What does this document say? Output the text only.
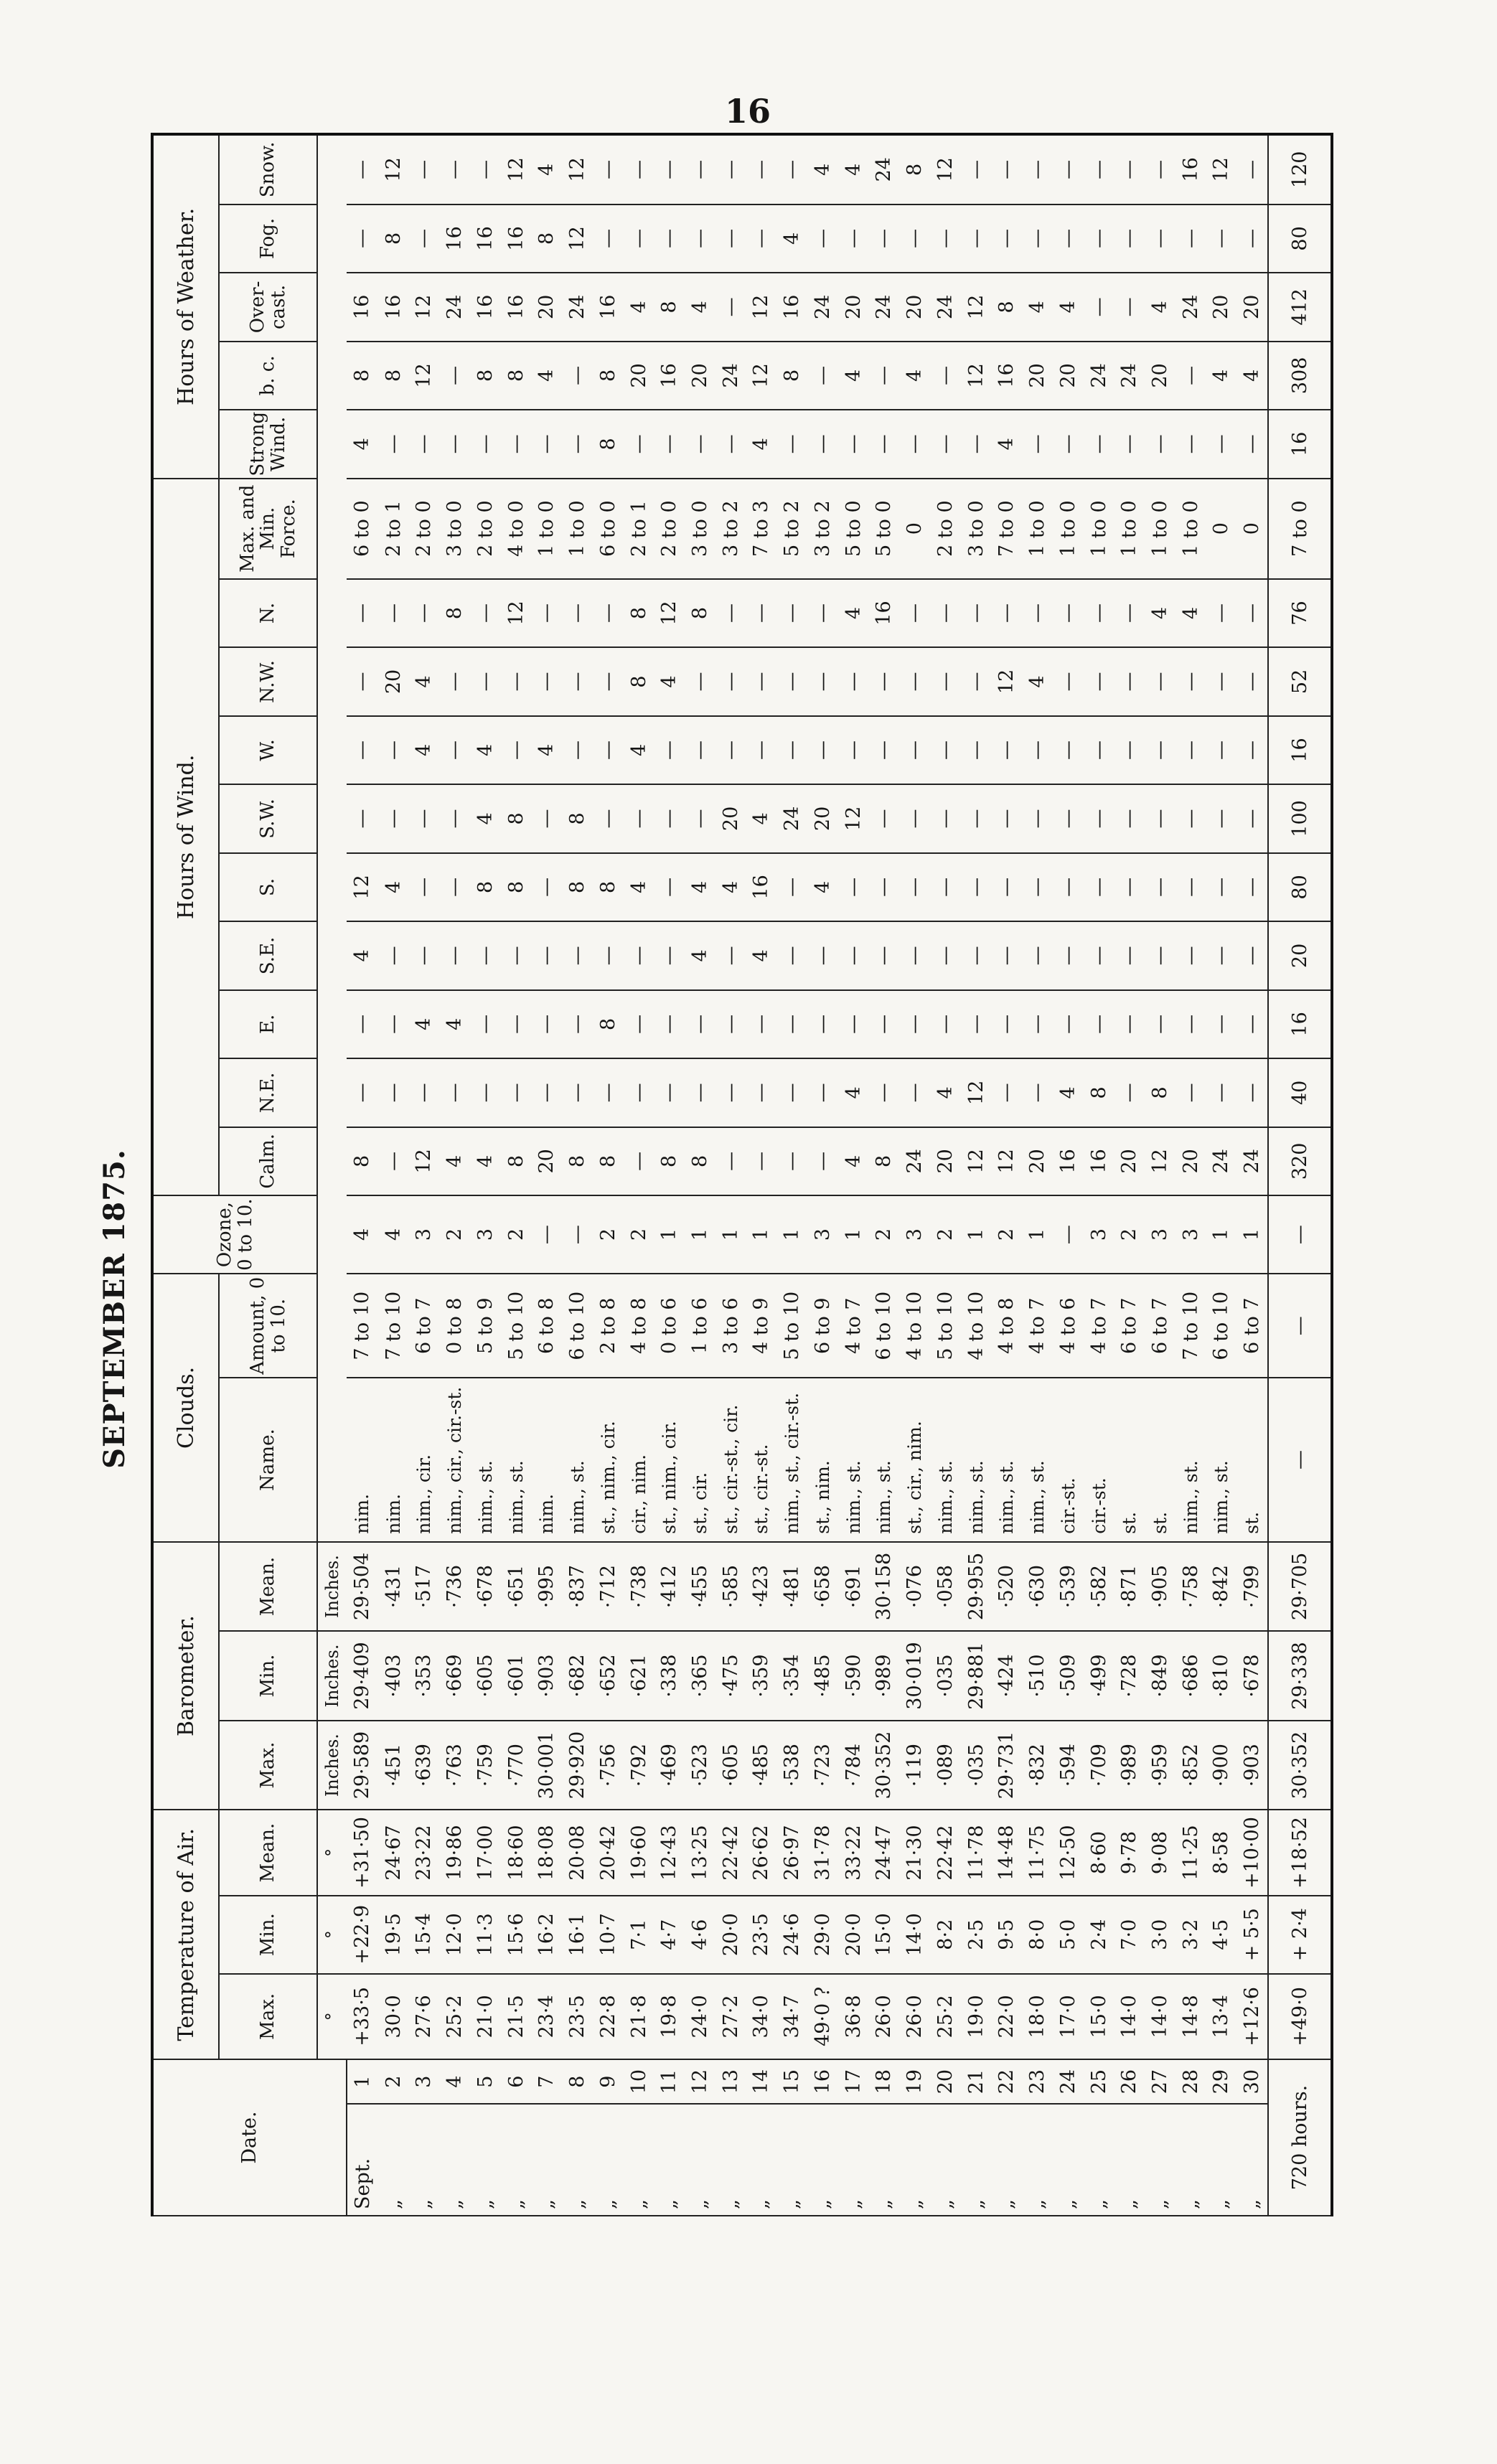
16
SEPTEMBER 1875.
Date.		Temperature of Air.			Barometer.			Clouds.		Ozone, 0 to 10.	Hours of Wind.										Hours of Weather.				
		Max.	Min.	Mean.	Max.	Min.	Mean.	Name.	Amount, 0 to 10.		Calm.	N.E.	E.	S.E.	S.	S.W.	W.	N.W.	N.	Max. and Min. Force.	Strong Wind.	b. c.	Over-cast.	Fog.	Snow.
		°	°	°	Inches.	Inches.	Inches.																		
Sept.	1	+33·5	+22·9	+31·50	29·589	29·409	29·504	nim.	7 to 10	4	8	—	—	4	12	—	—	—	—	6 to 0	4	8	16	—	—
„	2	30·0	19·5	24·67	·451	·403	·431	nim.	7 to 10	4	—	—	—	—	4	—	—	20	—	2 to 1	—	8	16	8	12
„	3	27·6	15·4	23·22	·639	·353	·517	nim., cir.	6 to 7	3	12	—	4	—	—	—	4	4	—	2 to 0	—	12	12	—	—
„	4	25·2	12·0	19·86	·763	·669	·736	nim., cir., cir.-st.	0 to 8	2	4	—	4	—	—	—	—	—	8	3 to 0	—	—	24	16	—
„	5	21·0	11·3	17·00	·759	·605	·678	nim., st.	5 to 9	3	4	—	—	—	8	4	4	—	—	2 to 0	—	8	16	16	—
„	6	21·5	15·6	18·60	·770	·601	·651	nim., st.	5 to 10	2	8	—	—	—	8	8	—	—	12	4 to 0	—	8	16	16	12
„	7	23·4	16·2	18·08	30·001	·903	·995	nim.	6 to 8	—	20	—	—	—	—	—	4	—	—	1 to 0	—	4	20	8	4
„	8	23·5	16·1	20·08	29·920	·682	·837	nim., st.	6 to 10	—	8	—	—	—	8	8	—	—	—	1 to 0	—	—	24	12	12
„	9	22·8	10·7	20·42	·756	·652	·712	st., nim., cir.	2 to 8	2	8	—	8	—	8	—	—	—	—	6 to 0	8	8	16	—	—
„	10	21·8	7·1	19·60	·792	·621	·738	cir., nim.	4 to 8	2	—	—	—	—	4	—	4	8	8	2 to 1	—	20	4	—	—
„	11	19·8	4·7	12·43	·469	·338	·412	st., nim., cir.	0 to 6	1	8	—	—	—	—	—	—	4	12	2 to 0	—	16	8	—	—
„	12	24·0	4·6	13·25	·523	·365	·455	st., cir.	1 to 6	1	8	—	—	4	4	—	—	—	8	3 to 0	—	20	4	—	—
„	13	27·2	20·0	22·42	·605	·475	·585	st., cir.-st., cir.	3 to 6	1	—	—	—	—	4	20	—	—	—	3 to 2	—	24	—	—	—
„	14	34·0	23·5	26·62	·485	·359	·423	st., cir.-st.	4 to 9	1	—	—	—	4	16	4	—	—	—	7 to 3	4	12	12	—	—
„	15	34·7	24·6	26·97	·538	·354	·481	nim., st., cir.-st.	5 to 10	1	—	—	—	—	—	24	—	—	—	5 to 2	—	8	16	4	—
„	16	49·0 ?	29·0	31·78	·723	·485	·658	st., nim.	6 to 9	3	—	—	—	—	4	20	—	—	—	3 to 2	—	—	24	—	4
„	17	36·8	20·0	33·22	·784	·590	·691	nim., st.	4 to 7	1	4	4	—	—	—	12	—	—	4	5 to 0	—	4	20	—	4
„	18	26·0	15·0	24·47	30·352	·989	30·158	nim., st.	6 to 10	2	8	—	—	—	—	—	—	—	16	5 to 0	—	—	24	—	24
„	19	26·0	14·0	21·30	·119	30·019	·076	st., cir., nim.	4 to 10	3	24	—	—	—	—	—	—	—	—	0	—	4	20	—	8
„	20	25·2	8·2	22·42	·089	·035	·058	nim., st.	5 to 10	2	20	4	—	—	—	—	—	—	—	2 to 0	—	—	24	—	12
„	21	19·0	2·5	11·78	·035	29·881	29·955	nim., st.	4 to 10	1	12	12	—	—	—	—	—	—	—	3 to 0	—	12	12	—	—
„	22	22·0	9·5	14·48	29·731	·424	·520	nim., st.	4 to 8	2	12	—	—	—	—	—	—	12	—	7 to 0	4	16	8	—	—
„	23	18·0	8·0	11·75	·832	·510	·630	nim., st.	4 to 7	1	20	—	—	—	—	—	—	4	—	1 to 0	—	20	4	—	—
„	24	17·0	5·0	12·50	·594	·509	·539	cir.-st.	4 to 6	—	16	4	—	—	—	—	—	—	—	1 to 0	—	20	4	—	—
„	25	15·0	2·4	8·60	·709	·499	·582	cir.-st.	4 to 7	3	16	8	—	—	—	—	—	—	—	1 to 0	—	24	—	—	—
„	26	14·0	7·0	9·78	·989	·728	·871	st.	6 to 7	2	20	—	—	—	—	—	—	—	—	1 to 0	—	24	—	—	—
„	27	14·0	3·0	9·08	·959	·849	·905	st.	6 to 7	3	12	8	—	—	—	—	—	—	4	1 to 0	—	20	4	—	—
„	28	14·8	3·2	11·25	·852	·686	·758	nim., st.	7 to 10	3	20	—	—	—	—	—	—	—	4	1 to 0	—	—	24	—	16
„	29	13·4	4·5	8·58	·900	·810	·842	nim., st.	6 to 10	1	24	—	—	—	—	—	—	—	—	0	—	4	20	—	12
„	30	+12·6	+ 5·5	+10·00	·903	·678	·799	st.	6 to 7	1	24	—	—	—	—	—	—	—	—	0	—	4	20	—	—
720 hours.		+49·0	+ 2·4	+18·52	30·352	29·338	29·705	—	—	—	320	40	16	20	80	100	16	52	76	7 to 0	16	308	412	80	120
